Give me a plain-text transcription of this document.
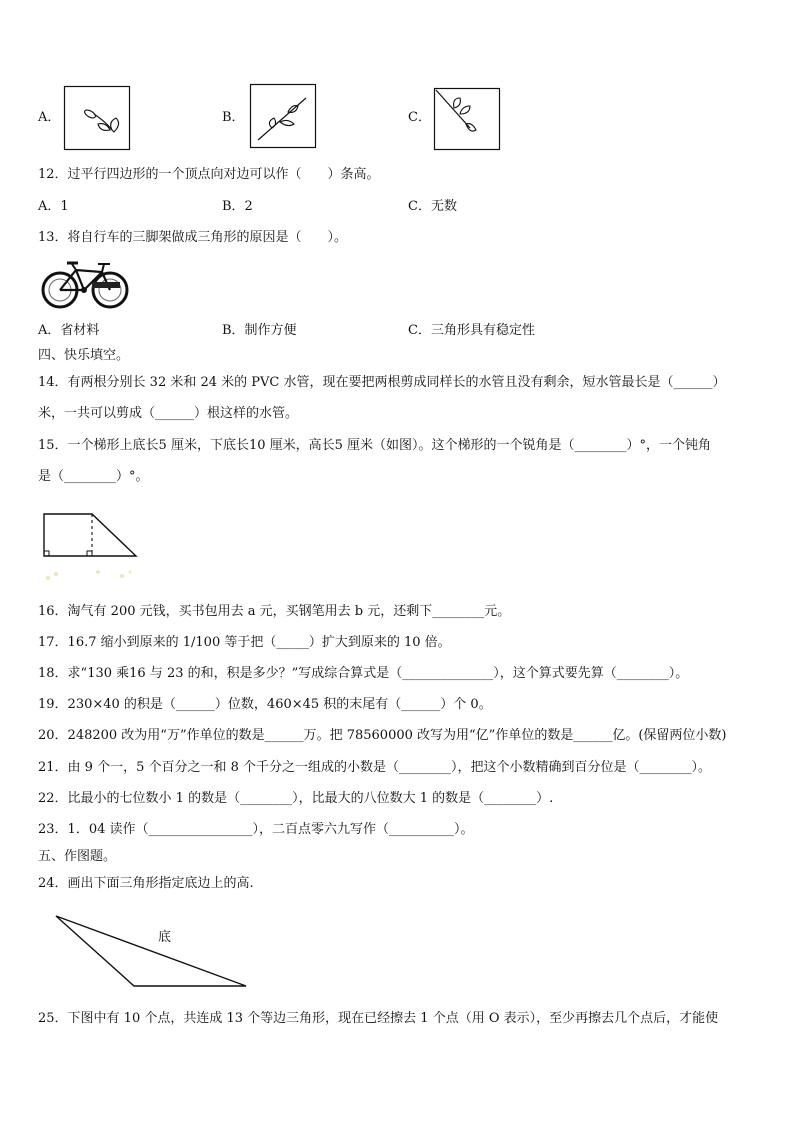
A．	B．	C．
12．过平行四边形的一个顶点向对边可以作（　　）条高。
A．1	B．2	C．无数
13．将自行车的三脚架做成三角形的原因是（　　）。
A．省材料	B．制作方便	C．三角形具有稳定性
四、快乐填空。
14．有两根分别长 32 米和 24 米的 PVC 水管，现在要把两根剪成同样长的水管且没有剩余，短水管最长是（______）
米，一共可以剪成（______）根这样的水管。
15．一个梯形上底长5 厘米，下底长10 厘米，高长5 厘米（如图）。这个梯形的一个锐角是（________）°，一个钝角
是（________）°。
16．淘气有 200 元钱，买书包用去 a 元，买钢笔用去 b 元，还剩下________元。
17．16.7 缩小到原来的 1/100 等于把（_____）扩大到原来的 10 倍。
18．求“130 乘16 与 23 的和，积是多少？”写成综合算式是（______________），这个算式要先算（________）。
19．230×40 的积是（______）位数，460×45 积的末尾有（______）个 0。
20．248200 改为用“万”作单位的数是______万。把 78560000 改写为用“亿”作单位的数是______亿。(保留两位小数)
21．由 9 个一，5 个百分之一和 8 个千分之一组成的小数是（________），把这个小数精确到百分位是（________）。
22．比最小的七位数小 1 的数是（________），比最大的八位数大 1 的数是（________）.
23．1．04 读作（________________），二百点零六九写作（__________）。
五、作图题。
24．画出下面三角形指定底边上的高.
底
25．下图中有 10 个点，共连成 13 个等边三角形，现在已经擦去 1 个点（用 O 表示），至少再擦去几个点后，才能使
